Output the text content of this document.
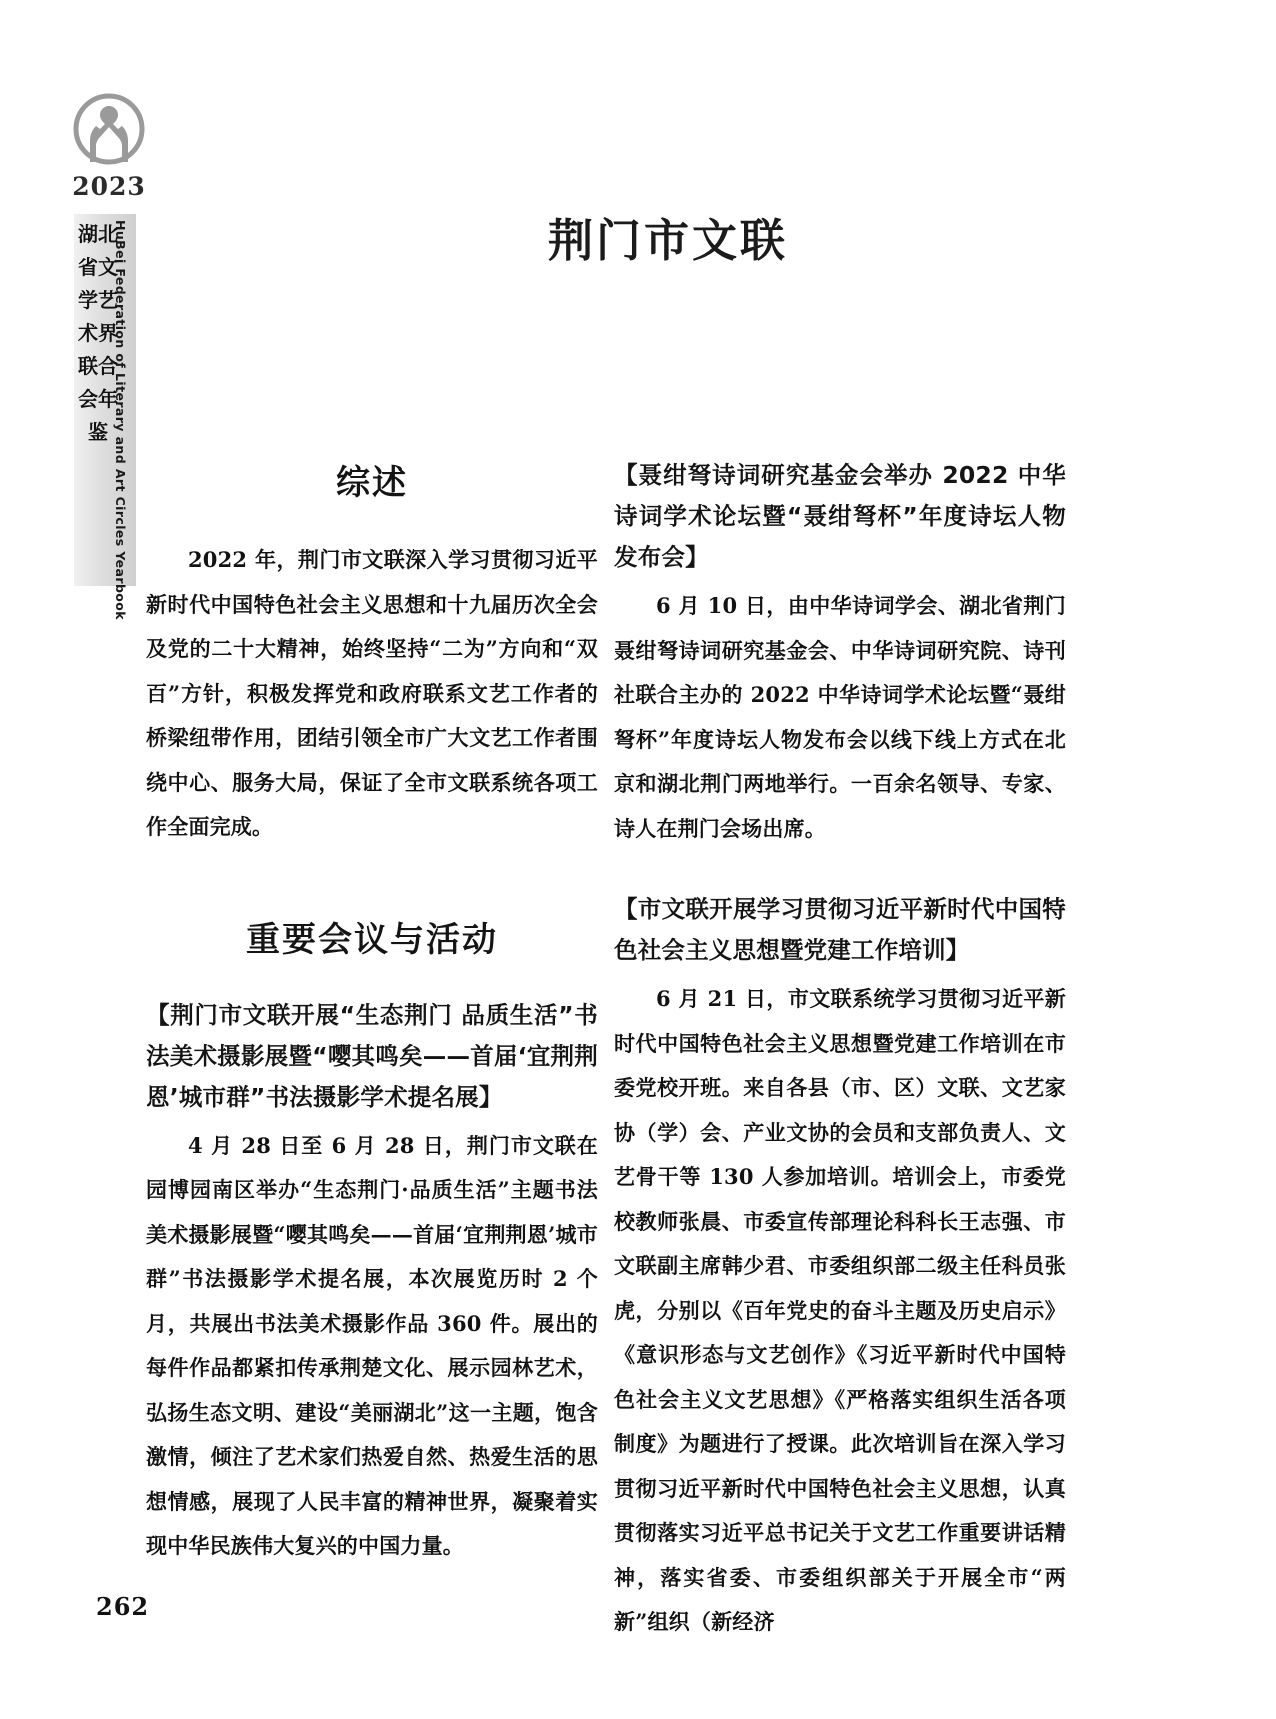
2023
湖北省文学艺术界联合会年鉴 HuBei Federation of Literary and Art Circles Yearbook	荆门市文联
综述

2022 年，荆门市文联深入学习贯彻习近平新时代中国特色社会主义思想和十九届历次全会及党的二十大精神，始终坚持“二为”方向和“双百”方针，积极发挥党和政府联系文艺工作者的桥梁纽带作用，团结引领全市广大文艺工作者围绕中心、服务大局，保证了全市文联系统各项工作全面完成。

重要会议与活动
【荆门市文联开展“生态荆门 品质生活”书法美术摄影展暨“嘤其鸣矣——首届‘宜荆荆恩’城市群”书法摄影学术提名展】

4 月 28 日至 6 月 28 日，荆门市文联在园博园南区举办“生态荆门·品质生活”主题书法美术摄影展暨“嘤其鸣矣——首届‘宜荆荆恩’城市群”书法摄影学术提名展，本次展览历时 2 个月，共展出书法美术摄影作品 360 件。展出的每件作品都紧扣传承荆楚文化、展示园林艺术，弘扬生态文明、建设“美丽湖北”这一主题，饱含激情，倾注了艺术家们热爱自然、热爱生活的思想情感，展现了人民丰富的精神世界，凝聚着实现中华民族伟大复兴的中国力量。

【聂绀弩诗词研究基金会举办 2022 中华诗词学术论坛暨“聂绀弩杯”年度诗坛人物发布会】

6 月 10 日，由中华诗词学会、湖北省荆门聂绀弩诗词研究基金会、中华诗词研究院、诗刊社联合主办的 2022 中华诗词学术论坛暨“聂绀弩杯”年度诗坛人物发布会以线下线上方式在北京和湖北荆门两地举行。一百余名领导、专家、诗人在荆门会场出席。

【市文联开展学习贯彻习近平新时代中国特色社会主义思想暨党建工作培训】

6 月 21 日，市文联系统学习贯彻习近平新时代中国特色社会主义思想暨党建工作培训在市委党校开班。来自各县（市、区）文联、文艺家协（学）会、产业文协的会员和支部负责人、文艺骨干等 130 人参加培训。培训会上，市委党校教师张晨、市委宣传部理论科科长王志强、市文联副主席韩少君、市委组织部二级主任科员张虎，分别以《百年党史的奋斗主题及历史启示》《意识形态与文艺创作》《习近平新时代中国特色社会主义文艺思想》《严格落实组织生活各项制度》为题进行了授课。此次培训旨在深入学习贯彻习近平新时代中国特色社会主义思想，认真贯彻落实习近平总书记关于文艺工作重要讲话精神，落实省委、市委组织部关于开展全市“两新”组织（新经济

262
